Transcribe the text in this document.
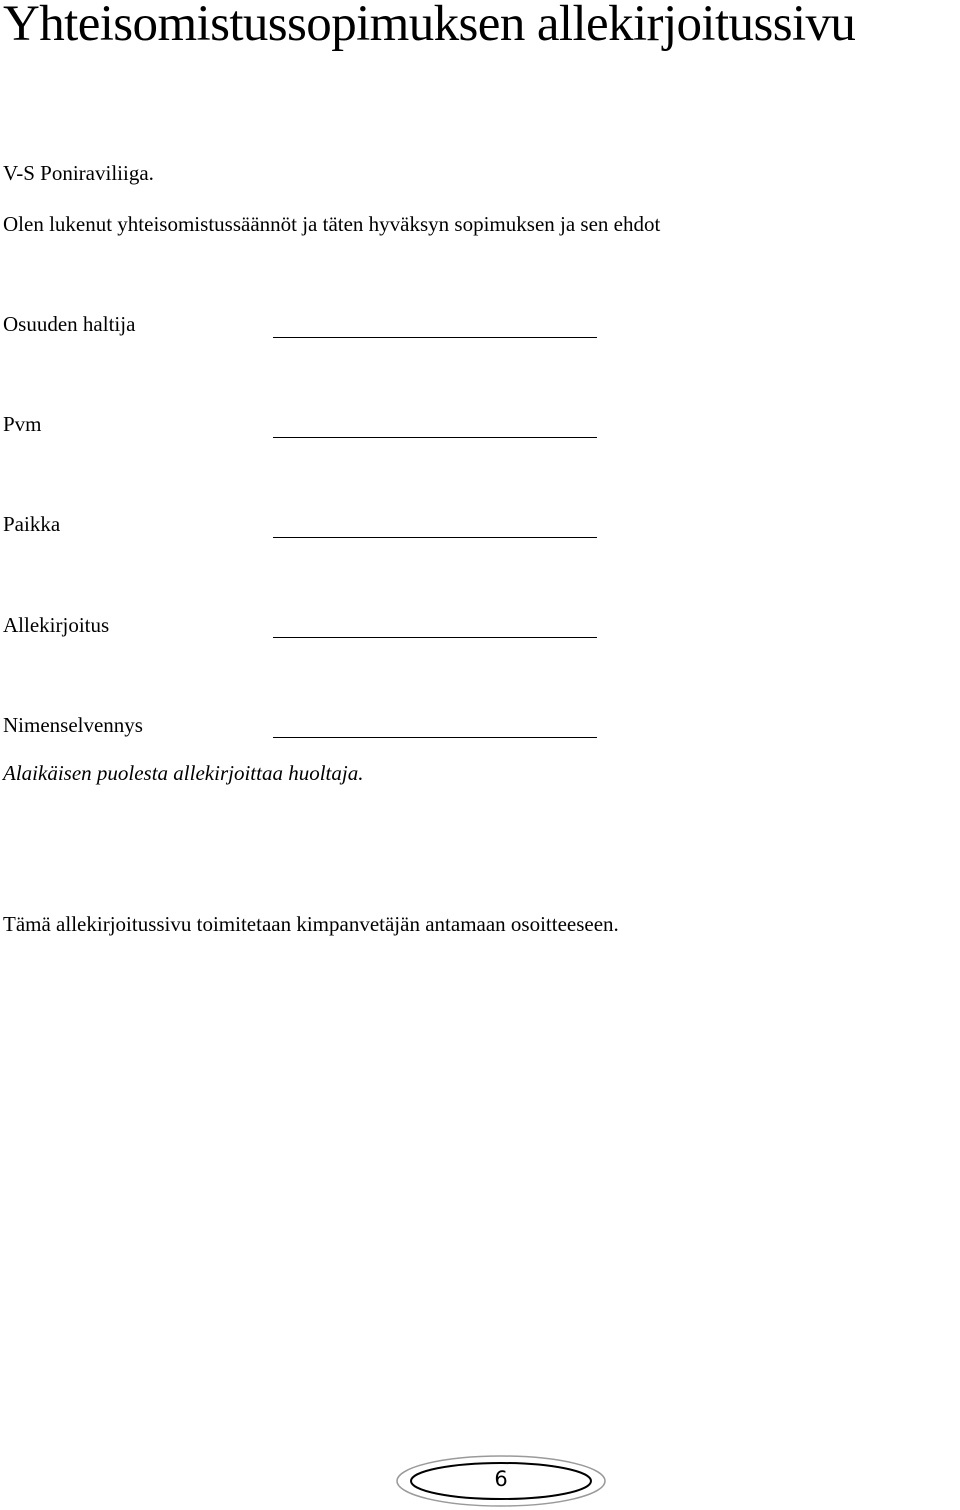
Yhteisomistussopimuksen allekirjoitussivu
V-S Poniraviliiga.
Olen lukenut yhteisomistussäännöt ja täten hyväksyn sopimuksen ja sen ehdot
Osuuden haltija
Pvm
Paikka
Allekirjoitus
Nimenselvennys
Alaikäisen puolesta allekirjoittaa huoltaja.
Tämä allekirjoitussivu toimitetaan kimpanvetäjän antamaan osoitteeseen.
6
